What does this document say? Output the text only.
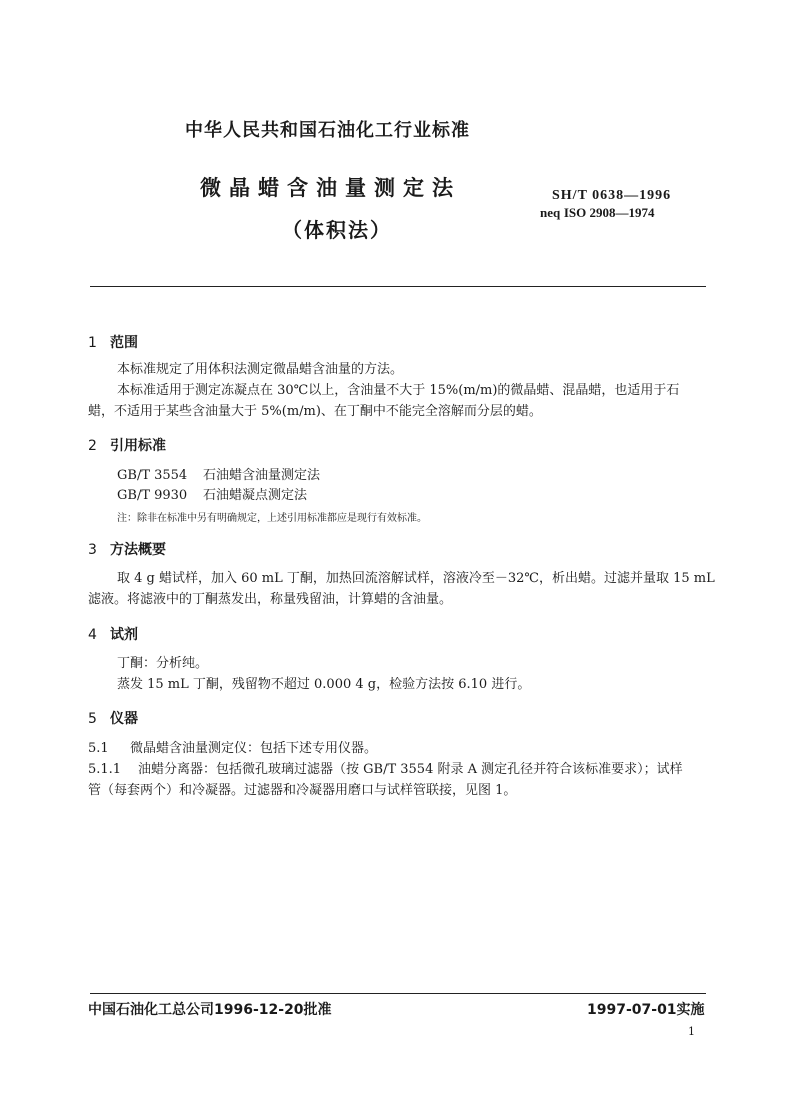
中华人民共和国石油化工行业标准
微晶蜡含油量测定法
（体积法）
SH/T 0638—1996
neq ISO 2908—1974
1 范围
本标准规定了用体积法测定微晶蜡含油量的方法。
本标准适用于测定冻凝点在 30℃以上，含油量不大于 15%(m/m)的微晶蜡、混晶蜡，也适用于石
蜡，不适用于某些含油量大于 5%(m/m)、在丁酮中不能完全溶解而分层的蜡。
2 引用标准
GB/T 3554 石油蜡含油量测定法
GB/T 9930 石油蜡凝点测定法
注：除非在标准中另有明确规定，上述引用标准都应是现行有效标准。
3 方法概要
取 4 g 蜡试样，加入 60 mL 丁酮，加热回流溶解试样，溶液冷至－32℃，析出蜡。过滤并量取 15 mL
滤液。将滤液中的丁酮蒸发出，称量残留油，计算蜡的含油量。
4 试剂
丁酮：分析纯。
蒸发 15 mL 丁酮，残留物不超过 0.000 4 g，检验方法按 6.10 进行。
5 仪器
5.1 微晶蜡含油量测定仪：包括下述专用仪器。
5.1.1 油蜡分离器：包括微孔玻璃过滤器（按 GB/T 3554 附录 A 测定孔径并符合该标准要求）；试样
管（每套两个）和冷凝器。过滤器和冷凝器用磨口与试样管联接，见图 1。
中国石油化工总公司1996-12-20批准	1997-07-01实施
1
